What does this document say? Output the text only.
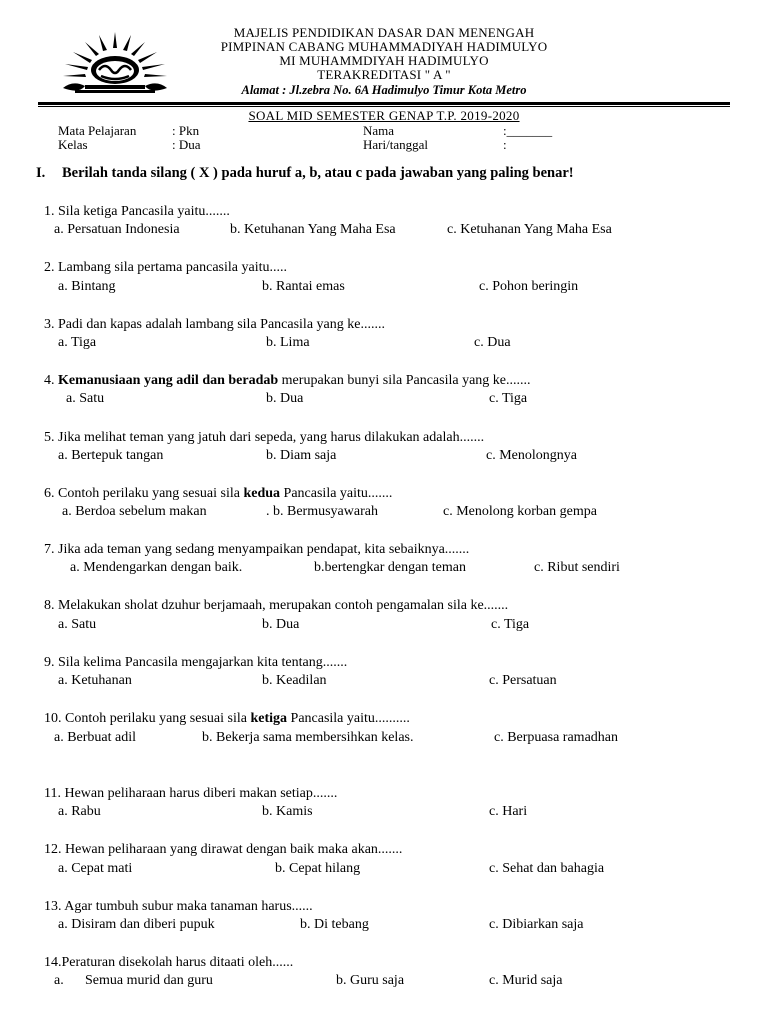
MAJELIS PENDIDIKAN DASAR DAN MENENGAH
PIMPINAN CABANG MUHAMMADIYAH HADIMULYO
MI MUHAMMDIYAH HADIMULYO
TERAKREDITASI " A "
Alamat : Jl.zebra No. 6A Hadimulyo Timur Kota Metro
SOAL MID SEMESTER GENAP T.P. 2019-2020
Mata Pelajaran	: Pkn
Kelas	: Dua
Nama	:_______
Hari/tanggal	:
I. Berilah tanda silang ( X ) pada huruf a, b, atau c pada jawaban yang paling benar!
1. Sila ketiga Pancasila yaitu.......
a. Persatuan Indonesia	b. Ketuhanan Yang Maha Esa	c. Ketuhanan Yang Maha Esa
2. Lambang sila pertama pancasila yaitu.....
a. Bintang	b. Rantai emas	c. Pohon beringin
3. Padi dan kapas adalah lambang sila Pancasila yang ke.......
a. Tiga	b. Lima	c. Dua
4. Kemanusiaan yang adil dan beradab merupakan bunyi sila Pancasila yang ke.......
a. Satu	b. Dua	c. Tiga
5. Jika melihat teman yang jatuh dari sepeda, yang harus dilakukan adalah.......
a. Bertepuk tangan	b. Diam saja	c. Menolongnya
6. Contoh perilaku yang sesuai sila kedua Pancasila yaitu.......
a. Berdoa sebelum makan	. b. Bermusyawarah	c. Menolong korban gempa
7. Jika ada teman yang sedang menyampaikan pendapat, kita sebaiknya.......
a. Mendengarkan dengan baik.	b.bertengkar dengan teman	c. Ribut sendiri
8. Melakukan sholat dzuhur berjamaah, merupakan contoh pengamalan sila ke.......
a. Satu	b. Dua	c. Tiga
9. Sila kelima Pancasila mengajarkan kita tentang.......
a. Ketuhanan	b. Keadilan	c. Persatuan
10. Contoh perilaku yang sesuai sila ketiga Pancasila yaitu..........
a. Berbuat adil	b. Bekerja sama membersihkan kelas.	c. Berpuasa ramadhan
11. Hewan peliharaan harus diberi makan setiap.......
a. Rabu	b. Kamis	c. Hari
12. Hewan peliharaan yang dirawat dengan baik maka akan.......
a. Cepat mati	b. Cepat hilang	c. Sehat dan bahagia
13. Agar tumbuh subur maka tanaman harus......
a. Disiram dan diberi pupuk	b. Di tebang	c. Dibiarkan saja
14.Peraturan disekolah harus ditaati oleh......
a. Semua murid dan guru	b. Guru saja	c. Murid saja
